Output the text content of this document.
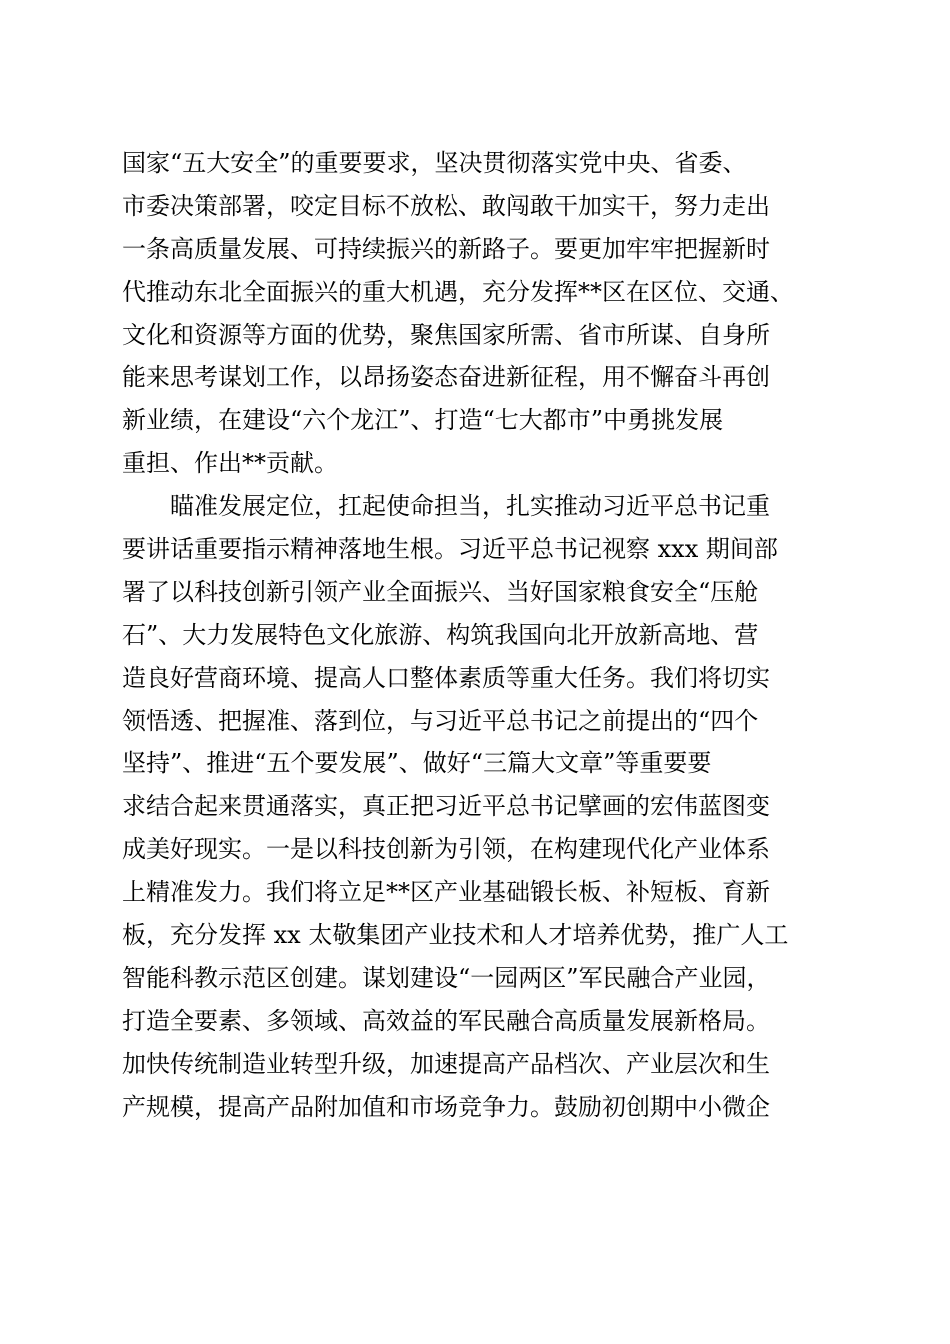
国家“五大安全”的重要要求，坚决贯彻落实党中央、省委、
市委决策部署，咬定目标不放松、敢闯敢干加实干，努力走出
一条高质量发展、可持续振兴的新路子。要更加牢牢把握新时
代推动东北全面振兴的重大机遇，充分发挥**区在区位、交通、
文化和资源等方面的优势，聚焦国家所需、省市所谋、自身所
能来思考谋划工作，以昂扬姿态奋进新征程，用不懈奋斗再创
新业绩，在建设“六个龙江”、打造“七大都市”中勇挑发展
重担、作出**贡献。
瞄准发展定位，扛起使命担当，扎实推动习近平总书记重
要讲话重要指示精神落地生根。习近平总书记视察 xxx 期间部
署了以科技创新引领产业全面振兴、当好国家粮食安全“压舱
石”、大力发展特色文化旅游、构筑我国向北开放新高地、营
造良好营商环境、提高人口整体素质等重大任务。我们将切实
领悟透、把握准、落到位，与习近平总书记之前提出的“四个
坚持”、推进“五个要发展”、做好“三篇大文章”等重要要
求结合起来贯通落实，真正把习近平总书记擘画的宏伟蓝图变
成美好现实。一是以科技创新为引领，在构建现代化产业体系
上精准发力。我们将立足**区产业基础锻长板、补短板、育新
板，充分发挥 xx 太敬集团产业技术和人才培养优势，推广人工
智能科教示范区创建。谋划建设“一园两区”军民融合产业园，
打造全要素、多领域、高效益的军民融合高质量发展新格局。
加快传统制造业转型升级，加速提高产品档次、产业层次和生
产规模，提高产品附加值和市场竞争力。鼓励初创期中小微企
